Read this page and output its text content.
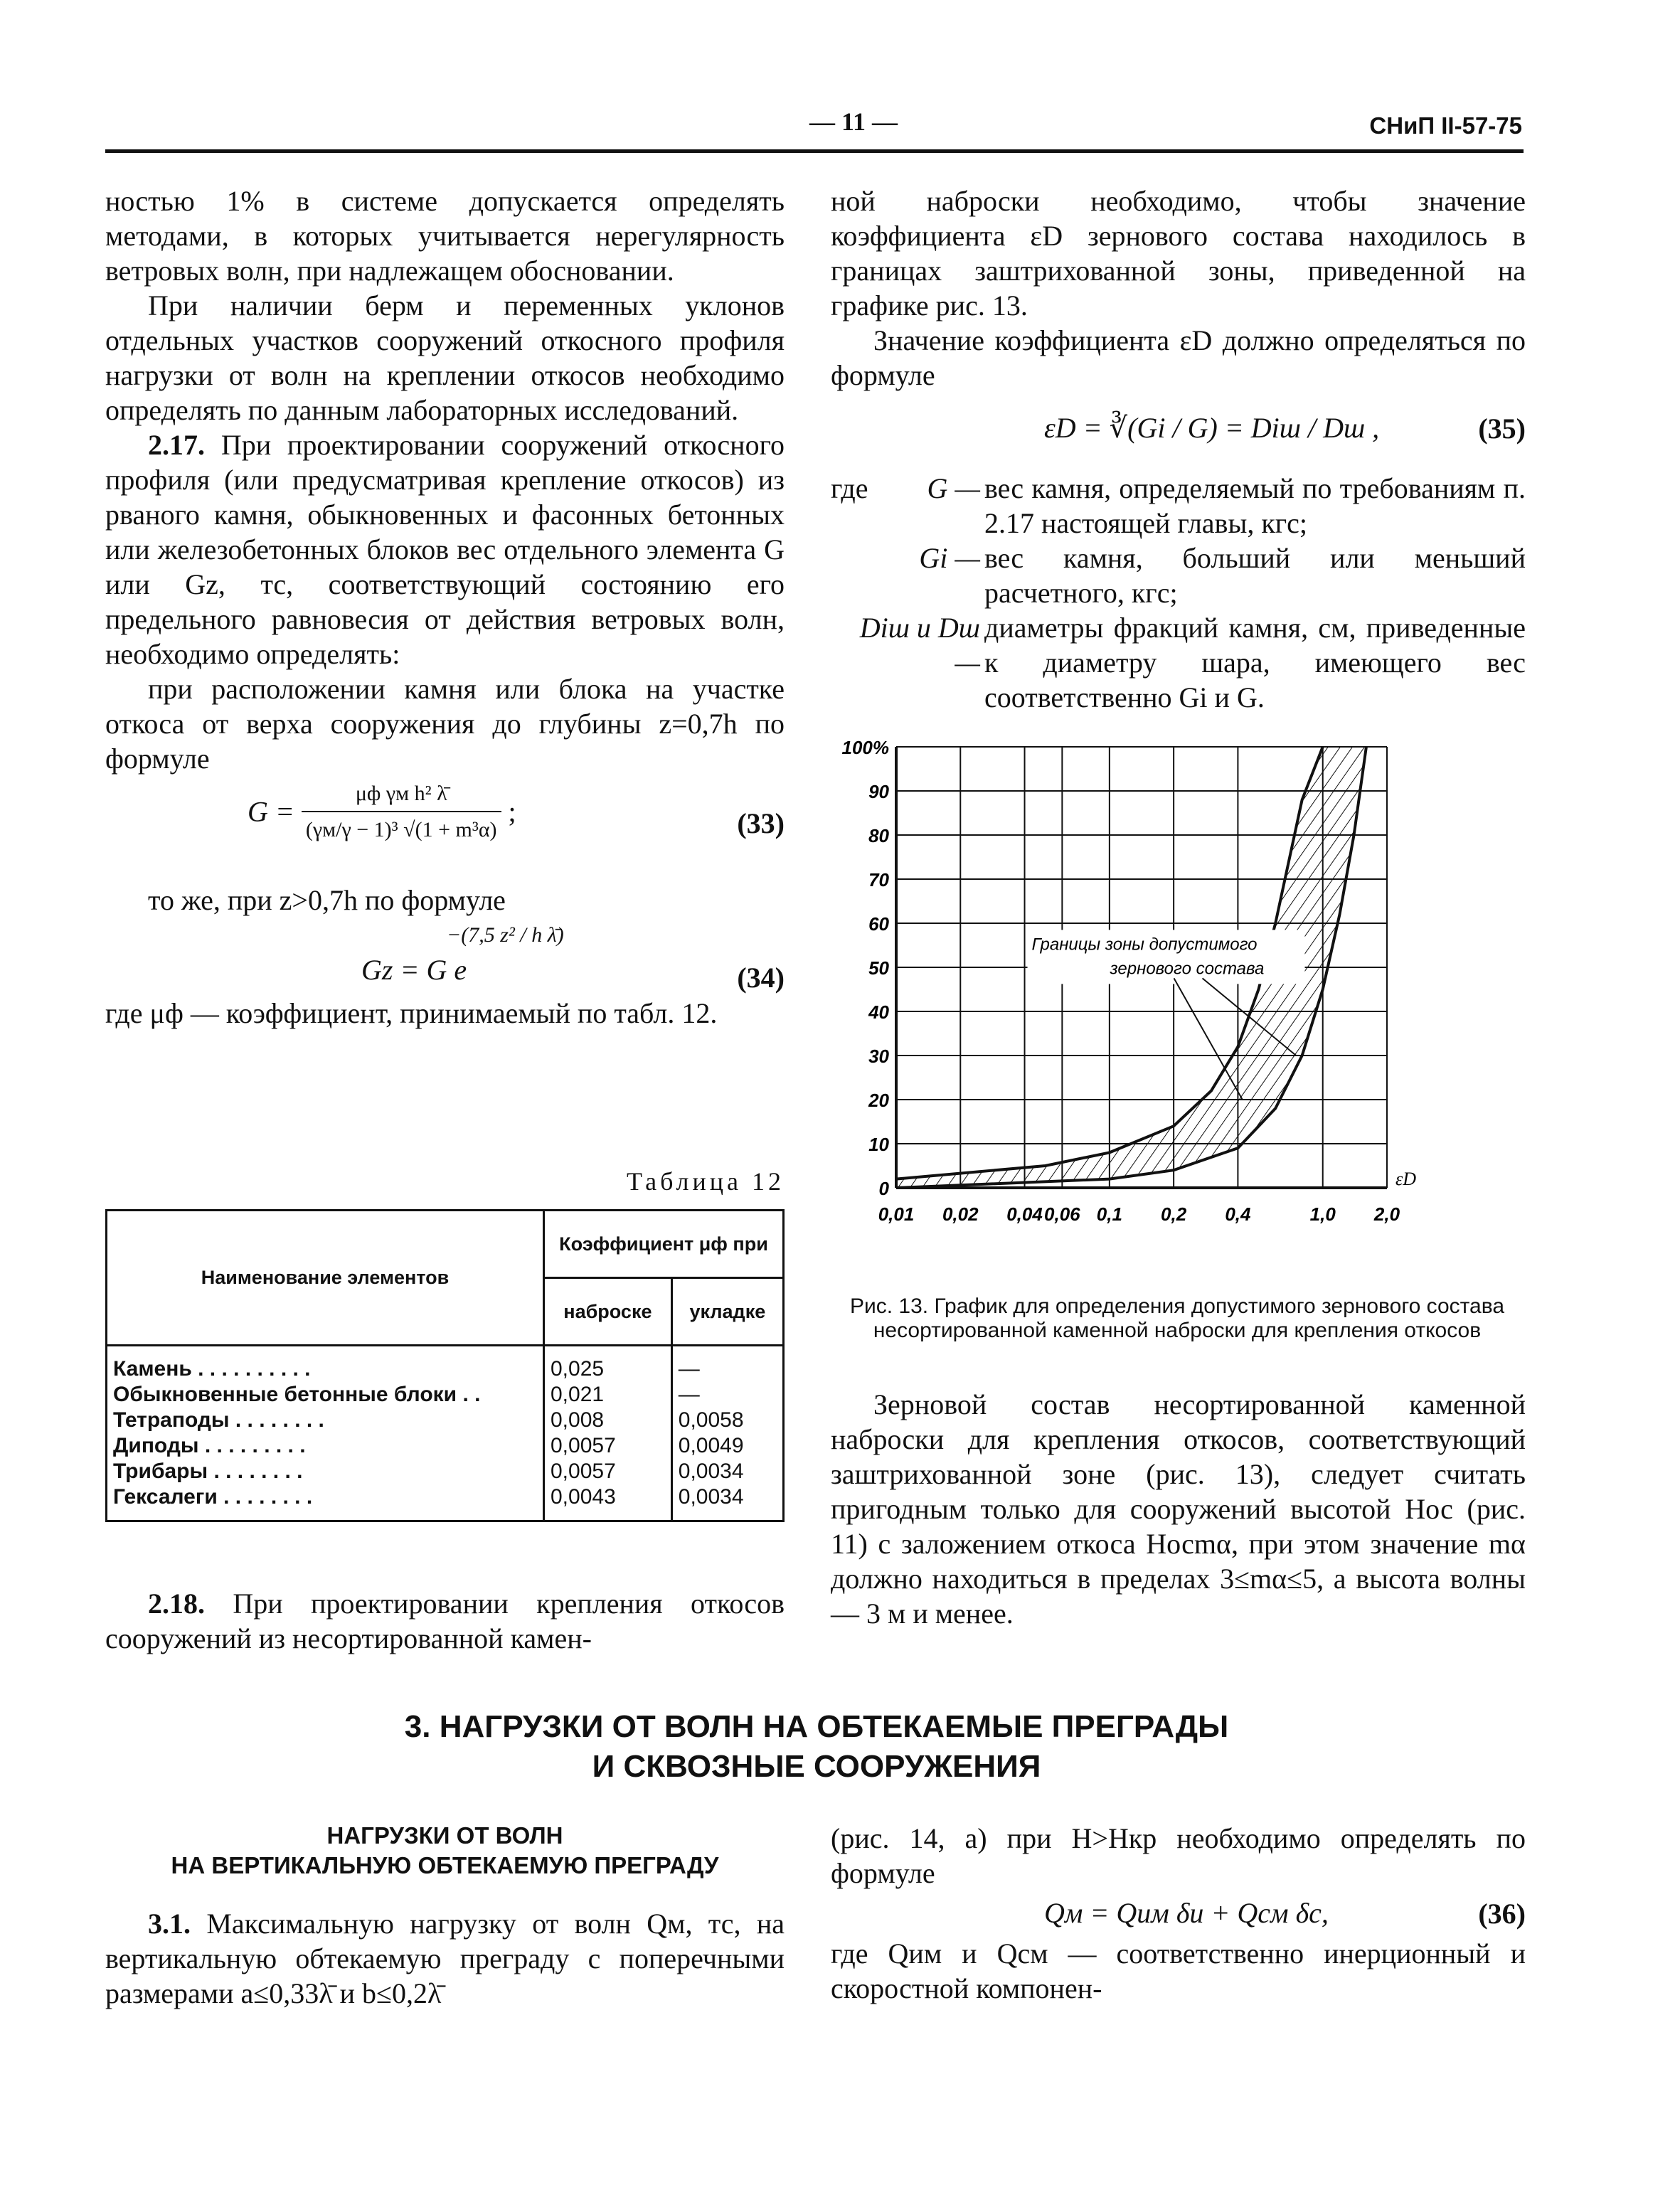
— 11 —	СНиП II-57-75

ностью 1% в системе допускается определять методами, в которых учитывается нерегулярность ветровых волн, при надлежащем обосновании.

При наличии берм и переменных уклонов отдельных участков сооружений откосного профиля нагрузки от волн на креплении откосов необходимо определять по данным лабораторных исследований.

2.17. При проектировании сооружений откосного профиля (или предусматривая крепление откосов) из рваного камня, обыкновенных и фасонных бетонных или железобетонных блоков вес отдельного элемента G или Gz, тс, соответствующий состоянию его предельного равновесия от действия ветровых волн, необходимо определять:

при расположении камня или блока на участке откоса от верха сооружения до глубины z=0,7h по формуле

$G = \frac{\text{μф γм h² λ̄}}{\text{(γм/γ − 1)³ √(1 + m³α)}}$ ;	(33)

то же, при z>0,7h по формуле

−(7,5 z² / h λ̄)
Gz = G e	(34)

где μф — коэффициент, принимаемый по табл. 12.

Таблица 12
Наименование элементов	Коэффициент μф при	
	наброске	укладке
Камень . . . . . . . . . .	0,025	—
Обыкновенные бетонные блоки . .	0,021	—
Тетраподы . . . . . . . .	0,008	0,0058
Диподы . . . . . . . . .	0,0057	0,0049
Трибары . . . . . . . .	0,0057	0,0034
Гексалеги . . . . . . . .	0,0043	0,0034

2.18. При проектировании крепления откосов сооружений из несортированной камен-

ной наброски необходимо, чтобы значение коэффициента εD зернового состава находилось в границах заштрихованной зоны, приведенной на графике рис. 13.

Значение коэффициента εD должно определяться по формуле

εD = ∛(Gi / G) = Diш / Dш ,	(35)
где	G — вес камня, определяемый по требованиям п. 2.17 настоящей главы, кгс;
Gi — вес камня, больший или меньший расчетного, кгс;
Diш и Dш —
диаметры фракций камня, см, приведенные к диаметру шара, имеющего вес соответственно Gi и G.
0
10
20
30
40
50
60
70
80
90
100%
0,01 0,02 0,04 0,06 0,1 0,2 0,4	1,0 2,0
εD
Границы зоны допустимого
зернового состава
Рис. 13. График для определения допустимого зернового состава несортированной каменной наброски для крепления откосов

Зерновой состав несортированной каменной наброски для крепления откосов, соответствующий заштрихованной зоне (рис. 13), следует считать пригодным только для сооружений высотой Hос (рис. 11) с заложением откоса Hосmα, при этом значение mα должно находиться в пределах 3≤mα≤5, а высота волны — 3 м и менее.

3. НАГРУЗКИ ОТ ВОЛН НА ОБТЕКАЕМЫЕ ПРЕГРАДЫ
И СКВОЗНЫЕ СООРУЖЕНИЯ
НАГРУЗКИ ОТ ВОЛН
НА ВЕРТИКАЛЬНУЮ ОБТЕКАЕМУЮ ПРЕГРАДУ

3.1. Максимальную нагрузку от волн Qм, тс, на вертикальную обтекаемую преграду с поперечными размерами a≤0,33λ̄ и b≤0,2λ̄

(рис. 14, а) при H>Hкр необходимо определять по формуле

Qм = Qим δи + Qсм δс,	(36)

где Qим и Qсм — соответственно инерционный и скоростной компонен-
